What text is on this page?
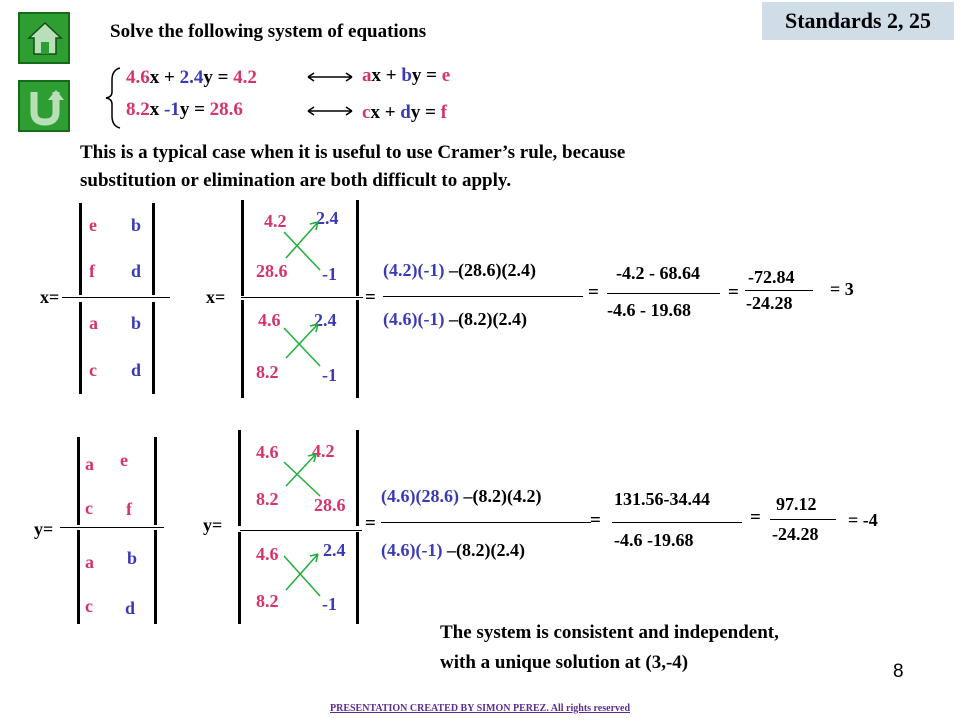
Standards 2, 25
Solve the following system of equations
4.6x + 2.4y = 4.2
8.2x -1y = 28.6
ax + by = e
cx + dy = f
This is a typical case when it is useful to use Cramer’s rule, because
substitution or elimination are both difficult to apply.
x=
e b
f d
a b
c d
x=
4.2 2.4
28.6 -1
4.6 2.4
8.2 -1
=
(4.2)(-1) –(28.6)(2.4)
(4.6)(-1) –(8.2)(2.4)
=
-4.2 - 68.64
-4.6 - 19.68
=
-72.84
-24.28
= 3
y=
a e
c f
a b
c d
y=
4.6 4.2
8.2 28.6
4.6 2.4
8.2 -1
=
(4.6)(28.6) –(8.2)(4.2)
(4.6)(-1) –(8.2)(2.4)
=
131.56-34.44
-4.6 -19.68
=
97.12
-24.28
= -4
The system is consistent and independent,
with a unique solution at (3,-4)	8
PRESENTATION CREATED BY SIMON PEREZ. All rights reserved
